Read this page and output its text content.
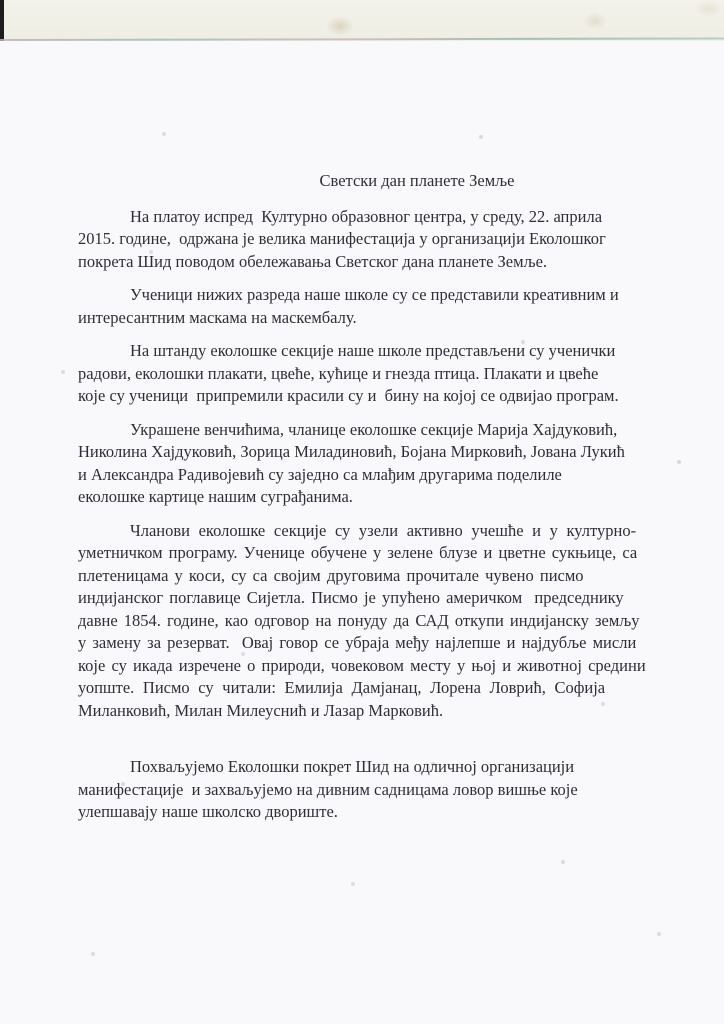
Светски дан планете Земље
На платоу испред  Културно образовног центра, у среду, 22. априла
2015. године,  одржана је велика манифестација у организацији Еколошког
покрета Шид поводом обележавања Светског дана планете Земље.
Ученици нижих разреда наше школе су се представили креативним и
интересантним маскама на маскембалу.
На штанду еколошке секције наше школе представљени су ученички
радови, еколошки плакати, цвеће, кућице и гнезда птица. Плакати и цвеће
које су ученици  припремили красили су и  бину на којој се одвијао програм.
Украшене венчићима, чланице еколошке секције Марија Хајдуковић,
Николина Хајдуковић, Зорица Миладиновић, Бојана Мирковић, Јована Лукић
и Александра Радивојевић су заједно са млађим другарима поделиле
еколошке картице нашим суграђанима.
Чланови еколошке секције су узели активно учешће и у културно-
уметничком програму. Ученице обучене у зелене блузе и цветне сукњице, са
плетеницама у коси, су са својим друговима прочитале чувено писмо
индијанског поглавице Сијетла. Писмо је упућено америчком  председнику
давне 1854. године, као одговор на понуду да САД откупи индијанску земљу
у замену за резерват.  Овај говор се убраја међу најлепше и најдубље мисли
које су икада изречене о природи, човековом месту у њој и животној средини
уопште. Писмо су читали: Емилија Дамјанац, Лорена Ловрић, Софија
Миланковић, Милан Милеуснић и Лазар Марковић.
Похваљујемо Еколошки покрет Шид на одличној организацији
манифестације  и захваљујемо на дивним садницама ловор вишње које
улепшавају наше школско двориште.
